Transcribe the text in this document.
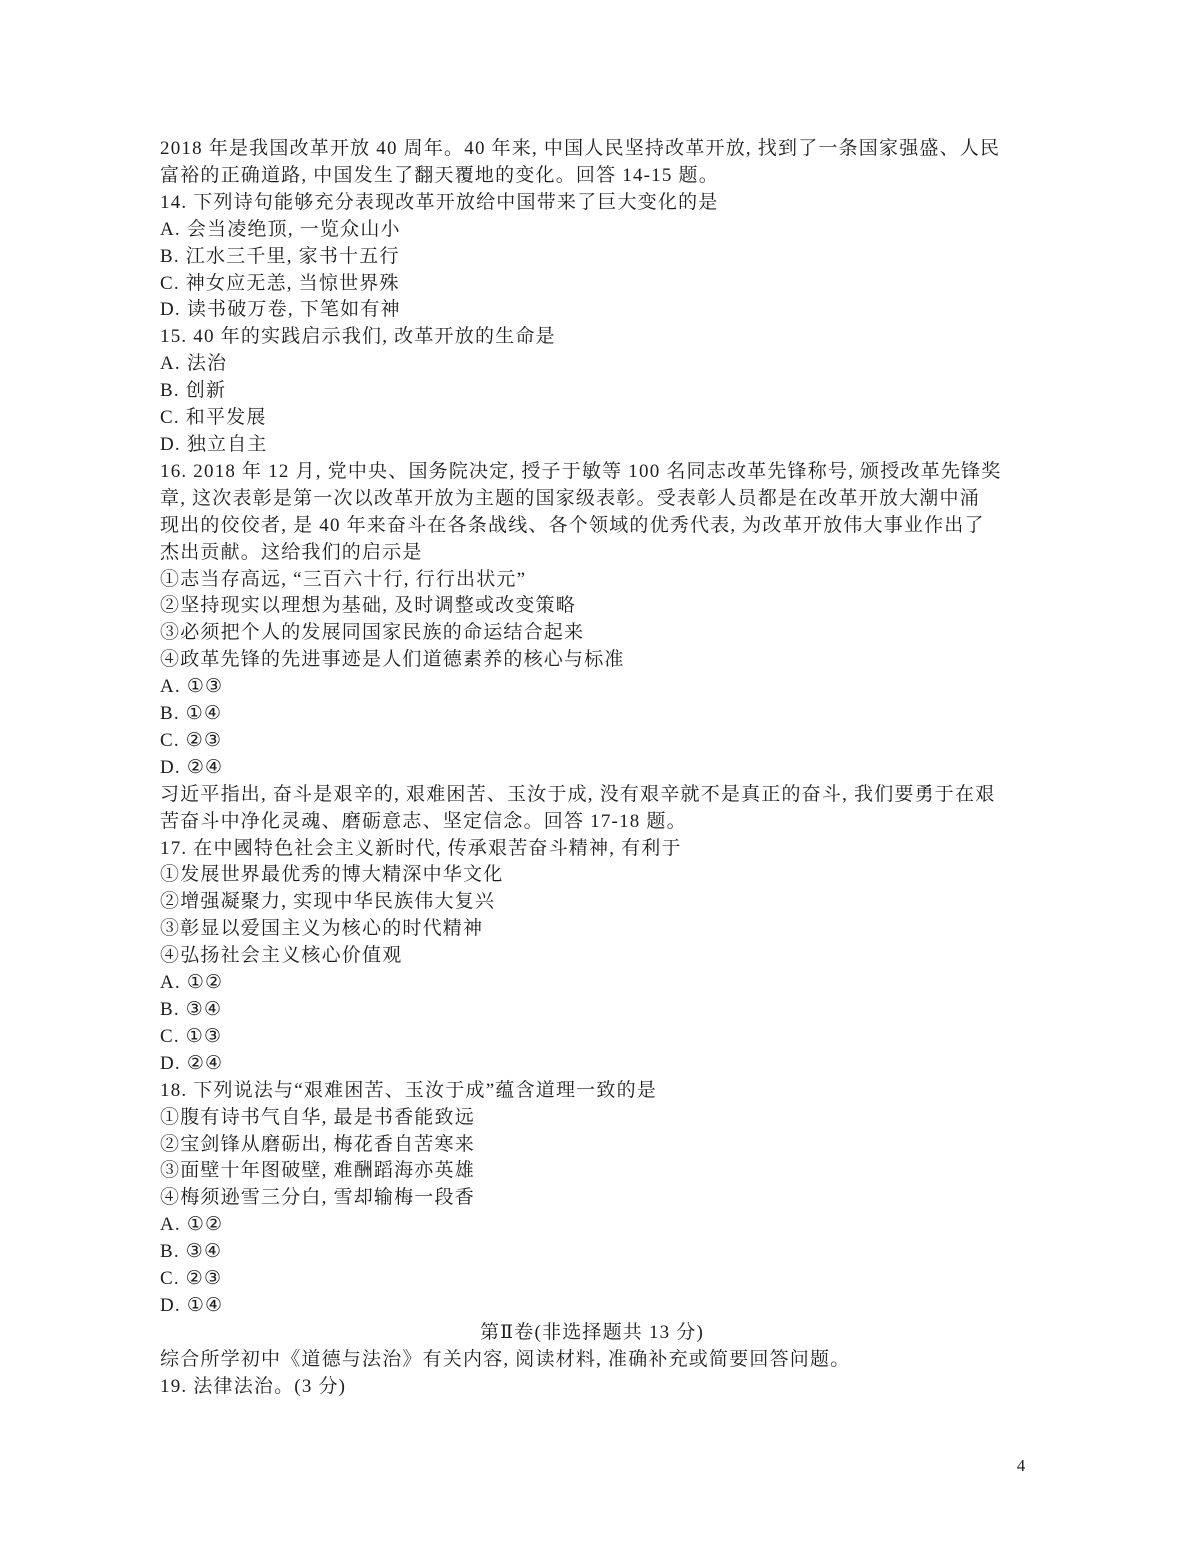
2018 年是我国改革开放 40 周年。40 年来, 中国人民坚持改革开放, 找到了一条国家强盛、人民
富裕的正确道路, 中国发生了翻天覆地的变化。回答 14-15 题。
14. 下列诗句能够充分表现改革开放给中国带来了巨大变化的是
A. 会当凌绝顶, 一览众山小
B. 江水三千里, 家书十五行
C. 神女应无恙, 当惊世界殊
D. 读书破万卷, 下笔如有神
15. 40 年的实践启示我们, 改革开放的生命是
A. 法治
B. 创新
C. 和平发展
D. 独立自主
16. 2018 年 12 月, 党中央、国务院决定, 授子于敏等 100 名同志改革先锋称号, 颁授改革先锋奖
章, 这次表彰是第一次以改革开放为主题的国家级表彰。受表彰人员都是在改革开放大潮中涌
现出的佼佼者, 是 40 年来奋斗在各条战线、各个领域的优秀代表, 为改革开放伟大事业作出了
杰出贡献。这给我们的启示是
①志当存高远, “三百六十行, 行行出状元”
②坚持现实以理想为基础, 及时调整或改变策略
③必须把个人的发展同国家民族的命运结合起来
④政革先锋的先进事迹是人们道德素养的核心与标准
A. ①③
B. ①④
C. ②③
D. ②④
习近平指出, 奋斗是艰辛的, 艰难困苦、玉汝于成, 没有艰辛就不是真正的奋斗, 我们要勇于在艰
苦奋斗中净化灵魂、磨砺意志、坚定信念。回答 17-18 题。
17. 在中國特色社会主义新时代, 传承艰苦奋斗精神, 有利于
①发展世界最优秀的博大精深中华文化
②增强凝聚力, 实现中华民族伟大复兴
③彰显以爱国主义为核心的时代精神
④弘扬社会主义核心价值观
A. ①②
B. ③④
C. ①③
D. ②④
18. 下列说法与“艰难困苦、玉汝于成”蕴含道理一致的是
①腹有诗书气自华, 最是书香能致远
②宝剑锋从磨砺出, 梅花香自苦寒来
③面壁十年图破壁, 难酬蹈海亦英雄
④梅须逊雪三分白, 雪却输梅一段香
A. ①②
B. ③④
C. ②③
D. ①④
第Ⅱ卷(非选择题共 13 分)
综合所学初中《道德与法治》有关内容, 阅读材料, 准确补充或简要回答问题。
19. 法律法治。(3 分)
4
